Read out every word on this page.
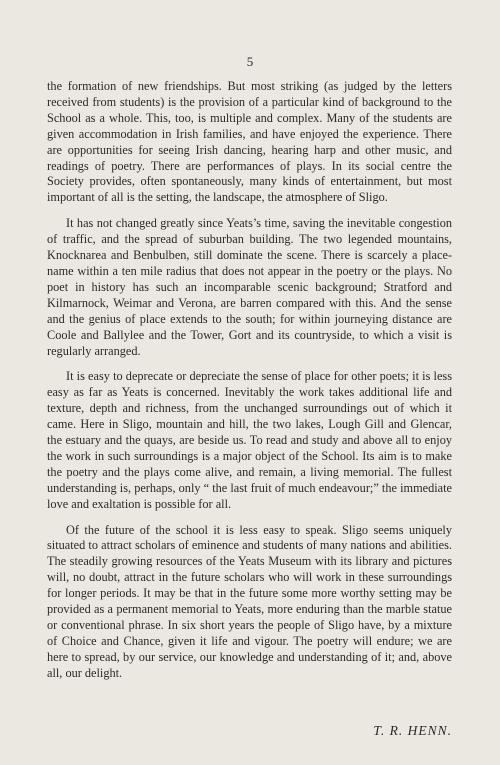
5

the formation of new friendships. But most striking (as judged by the letters received from students) is the provision of a particular kind of background to the School as a whole. This, too, is multiple and complex. Many of the students are given accommodation in Irish families, and have enjoyed the experience. There are opportunities for seeing Irish dancing, hearing harp and other music, and readings of poetry. There are performances of plays. In its social centre the Society provides, often spontaneously, many kinds of entertainment, but most important of all is the setting, the landscape, the atmosphere of Sligo.

It has not changed greatly since Yeats’s time, saving the inevitable congestion of traffic, and the spread of suburban building. The two legended mountains, Knocknarea and Benbulben, still dominate the scene. There is scarcely a place-name within a ten mile radius that does not appear in the poetry or the plays. No poet in history has such an incomparable scenic background; Stratford and Kilmarnock, Weimar and Verona, are barren compared with this. And the sense and the genius of place extends to the south; for within journeying distance are Coole and Ballylee and the Tower, Gort and its countryside, to which a visit is regularly arranged.

It is easy to deprecate or depreciate the sense of place for other poets; it is less easy as far as Yeats is concerned. Inevitably the work takes additional life and texture, depth and richness, from the unchanged surroundings out of which it came. Here in Sligo, mountain and hill, the two lakes, Lough Gill and Glencar, the estuary and the quays, are beside us. To read and study and above all to enjoy the work in such surroundings is a major object of the School. Its aim is to make the poetry and the plays come alive, and remain, a living memorial. The fullest understanding is, perhaps, only “ the last fruit of much endeavour;” the immediate love and exaltation is possible for all.

Of the future of the school it is less easy to speak. Sligo seems uniquely situated to attract scholars of eminence and students of many nations and abilities. The steadily growing resources of the Yeats Museum with its library and pictures will, no doubt, attract in the future scholars who will work in these surroundings for longer periods. It may be that in the future some more worthy setting may be provided as a permanent memorial to Yeats, more enduring than the marble statue or conventional phrase. In six short years the people of Sligo have, by a mixture of Choice and Chance, given it life and vigour. The poetry will endure; we are here to spread, by our service, our knowledge and understanding of it; and, above all, our delight.

T. R. HENN.
